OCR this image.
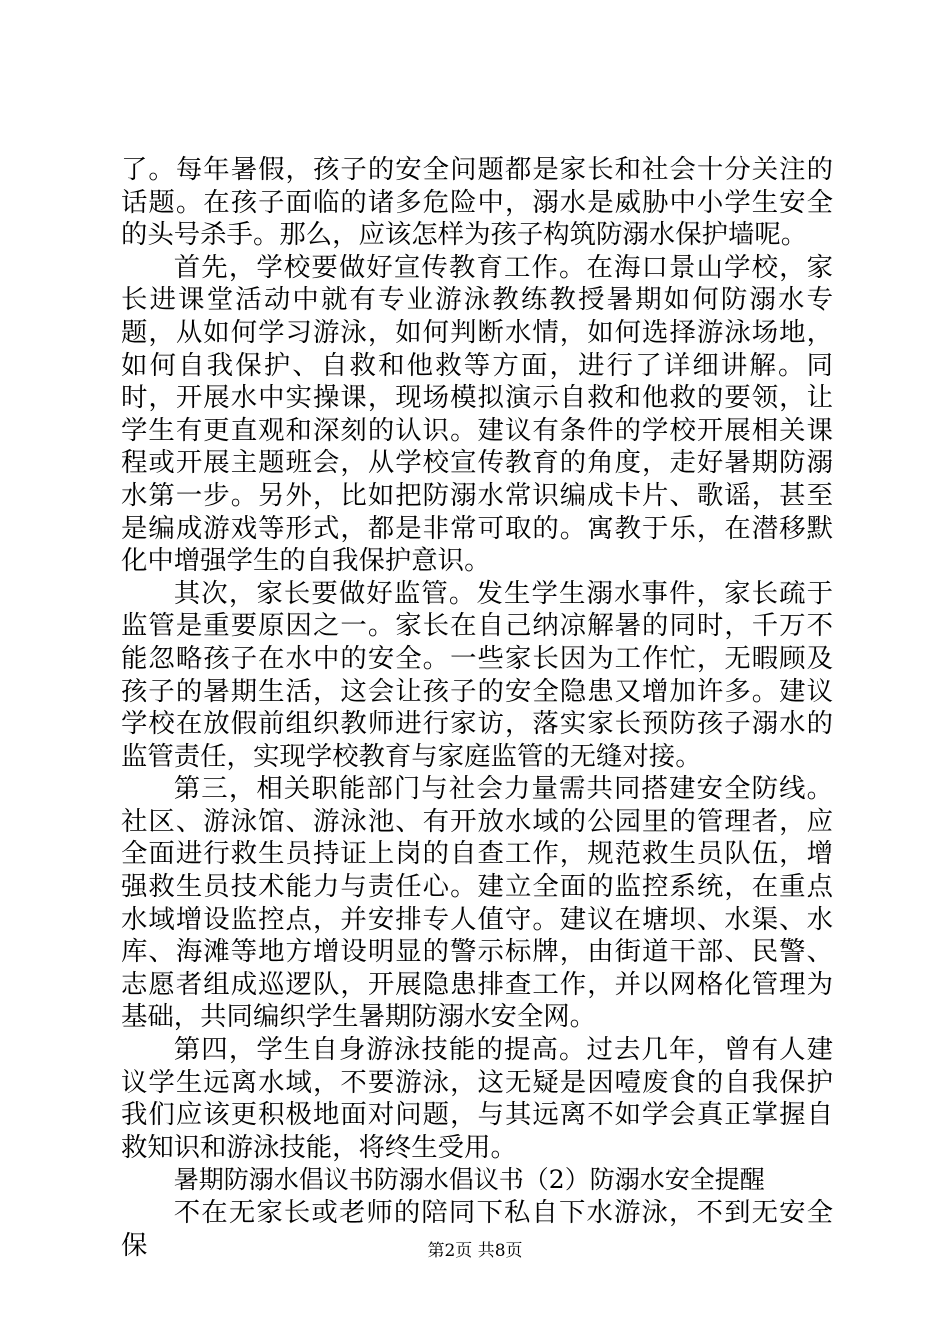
了。每年暑假，孩子的安全问题都是家长和社会十分关注的话题。在孩子面临的诸多危险中，溺水是威胁中小学生安全的头号杀手。那么，应该怎样为孩子构筑防溺水保护墙呢。

首先，学校要做好宣传教育工作。在海口景山学校，家长进课堂活动中就有专业游泳教练教授暑期如何防溺水专题，从如何学习游泳，如何判断水情，如何选择游泳场地，如何自我保护、自救和他救等方面，进行了详细讲解。同时，开展水中实操课，现场模拟演示自救和他救的要领，让学生有更直观和深刻的认识。建议有条件的学校开展相关课程或开展主题班会，从学校宣传教育的角度，走好暑期防溺水第一步。另外，比如把防溺水常识编成卡片、歌谣，甚至是编成游戏等形式，都是非常可取的。寓教于乐，在潜移默化中增强学生的自我保护意识。

其次，家长要做好监管。发生学生溺水事件，家长疏于监管是重要原因之一。家长在自己纳凉解暑的同时，千万不能忽略孩子在水中的安全。一些家长因为工作忙，无暇顾及孩子的暑期生活，这会让孩子的安全隐患又增加许多。建议学校在放假前组织教师进行家访，落实家长预防孩子溺水的监管责任，实现学校教育与家庭监管的无缝对接。

第三，相关职能部门与社会力量需共同搭建安全防线。社区、游泳馆、游泳池、有开放水域的公园里的管理者，应全面进行救生员持证上岗的自查工作，规范救生员队伍，增强救生员技术能力与责任心。建立全面的监控系统，在重点水域增设监控点，并安排专人值守。建议在塘坝、水渠、水库、海滩等地方增设明显的警示标牌，由街道干部、民警、志愿者组成巡逻队，开展隐患排查工作，并以网格化管理为基础，共同编织学生暑期防溺水安全网。

第四，学生自身游泳技能的提高。过去几年，曾有人建议学生远离水域，不要游泳，这无疑是因噎废食的自我保护我们应该更积极地面对问题，与其远离不如学会真正掌握自救知识和游泳技能，将终生受用。

暑期防溺水倡议书防溺水倡议书（2）防溺水安全提醒

不在无家长或老师的陪同下私自下水游泳，不到无安全保	第2页 共8页
